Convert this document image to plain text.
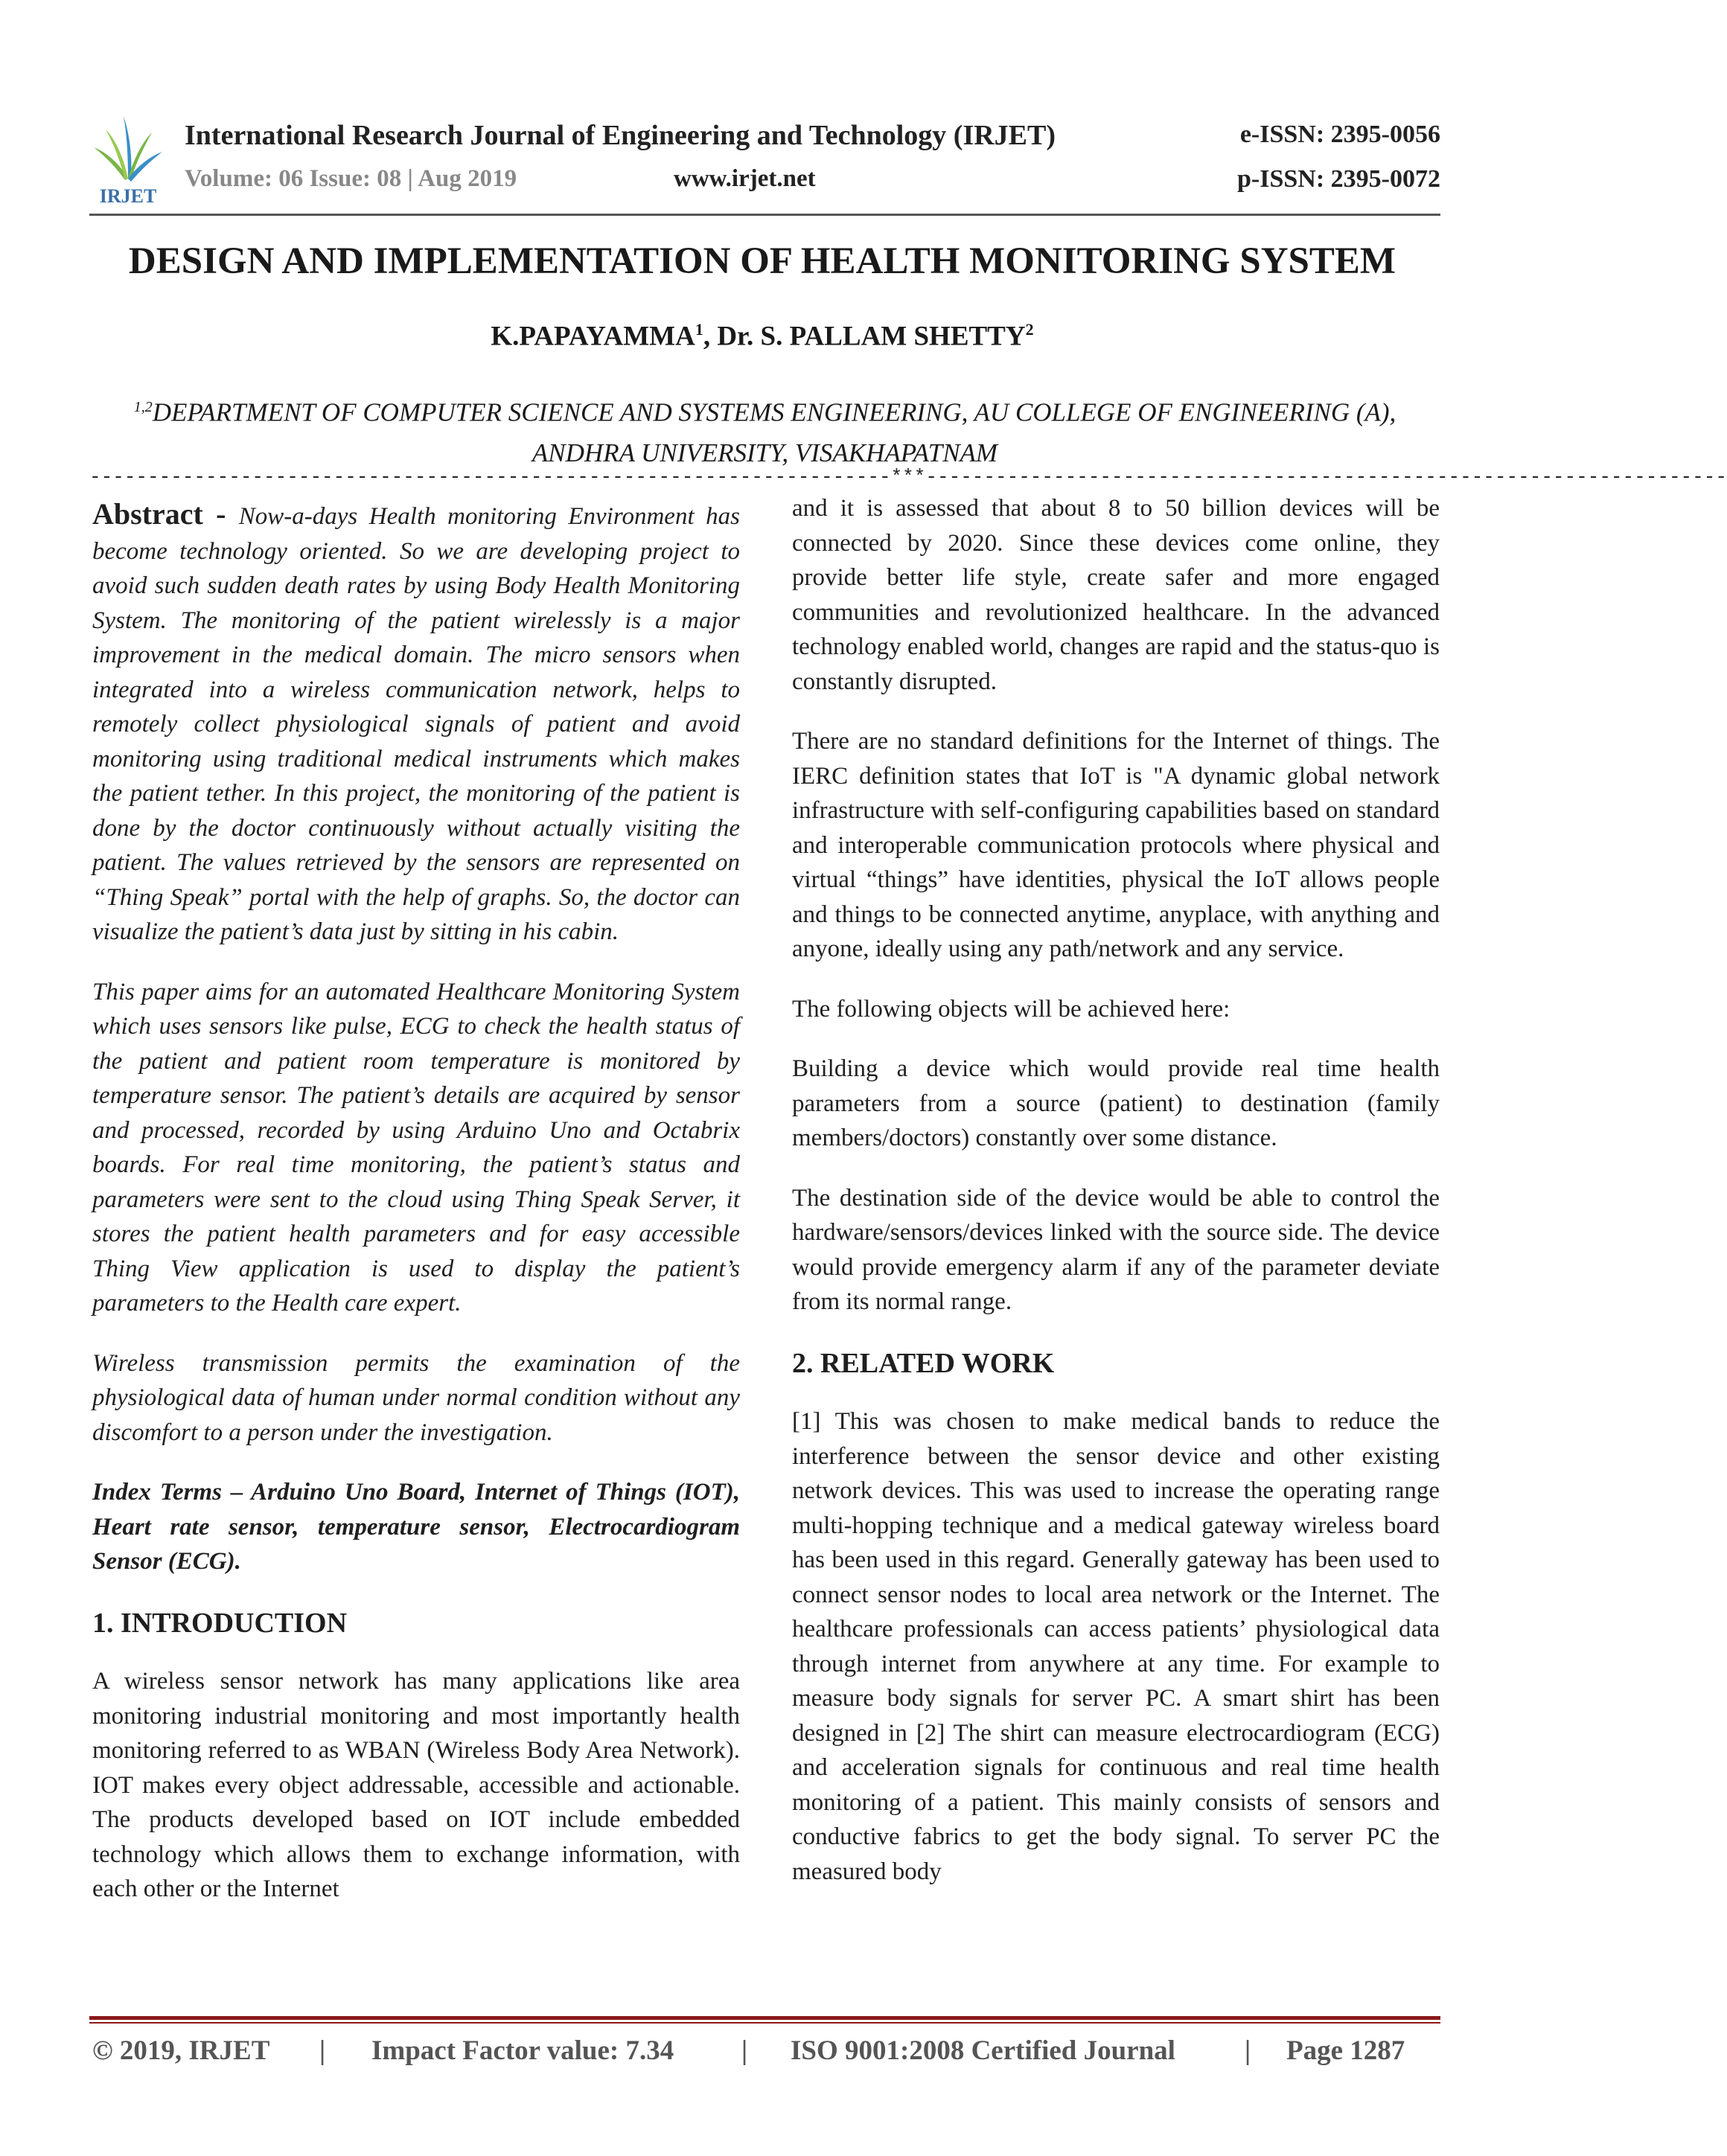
IRJET
International Research Journal of Engineering and Technology (IRJET)
Volume: 06 Issue: 08 | Aug 2019	www.irjet.net
e-ISSN: 2395-0056
p-ISSN: 2395-0072
DESIGN AND IMPLEMENTATION OF HEALTH MONITORING SYSTEM
K.PAPAYAMMA$^1$, Dr. S. PALLAM SHETTY$^2$
$^{1,2}$DEPARTMENT OF COMPUTER SCIENCE AND SYSTEMS ENGINEERING, AU COLLEGE OF ENGINEERING (A),
ANDHRA UNIVERSITY, VISAKHAPATNAM
---------------------------------------------------------------------***---------------------------------------------------------------------

Abstract - Now-a-days Health monitoring Environment has become technology oriented. So we are developing project to avoid such sudden death rates by using Body Health Monitoring System. The monitoring of the patient wirelessly is a major improvement in the medical domain. The micro sensors when integrated into a wireless communication network, helps to remotely collect physiological signals of patient and avoid monitoring using traditional medical instruments which makes the patient tether. In this project, the monitoring of the patient is done by the doctor continuously without actually visiting the patient. The values retrieved by the sensors are represented on “Thing Speak” portal with the help of graphs. So, the doctor can visualize the patient’s data just by sitting in his cabin.

This paper aims for an automated Healthcare Monitoring System which uses sensors like pulse, ECG to check the health status of the patient and patient room temperature is monitored by temperature sensor. The patient’s details are acquired by sensor and processed, recorded by using Arduino Uno and Octabrix boards. For real time monitoring, the patient’s status and parameters were sent to the cloud using Thing Speak Server, it stores the patient health parameters and for easy accessible Thing View application is used to display the patient’s parameters to the Health care expert.

Wireless transmission permits the examination of the physiological data of human under normal condition without any discomfort to a person under the investigation.

Index Terms – Arduino Uno Board, Internet of Things (IOT), Heart rate sensor, temperature sensor, Electrocardiogram Sensor (ECG).

1. INTRODUCTION

A wireless sensor network has many applications like area monitoring industrial monitoring and most importantly health monitoring referred to as WBAN (Wireless Body Area Network). IOT makes every object addressable, accessible and actionable. The products developed based on IOT include embedded technology which allows them to exchange information, with each other or the Internet

and it is assessed that about 8 to 50 billion devices will be connected by 2020. Since these devices come online, they provide better life style, create safer and more engaged communities and revolutionized healthcare. In the advanced technology enabled world, changes are rapid and the status-quo is constantly disrupted.

There are no standard definitions for the Internet of things. The IERC definition states that IoT is "A dynamic global network infrastructure with self-configuring capabilities based on standard and interoperable communication protocols where physical and virtual “things” have identities, physical the IoT allows people and things to be connected anytime, anyplace, with anything and anyone, ideally using any path/network and any service.

The following objects will be achieved here:

Building a device which would provide real time health parameters from a source (patient) to destination (family members/doctors) constantly over some distance.

The destination side of the device would be able to control the hardware/sensors/devices linked with the source side. The device would provide emergency alarm if any of the parameter deviate from its normal range.

2. RELATED WORK

[1] This was chosen to make medical bands to reduce the interference between the sensor device and other existing network devices. This was used to increase the operating range multi-hopping technique and a medical gateway wireless board has been used in this regard. Generally gateway has been used to connect sensor nodes to local area network or the Internet. The healthcare professionals can access patients’ physiological data through internet from anywhere at any time. For example to measure body signals for server PC. A smart shirt has been designed in [2] The shirt can measure electrocardiogram (ECG) and acceleration signals for continuous and real time health monitoring of a patient. This mainly consists of sensors and conductive fabrics to get the body signal. To server PC the measured body

© 2019, IRJET | Impact Factor value: 7.34 | ISO 9001:2008 Certified Journal	| Page 1287
